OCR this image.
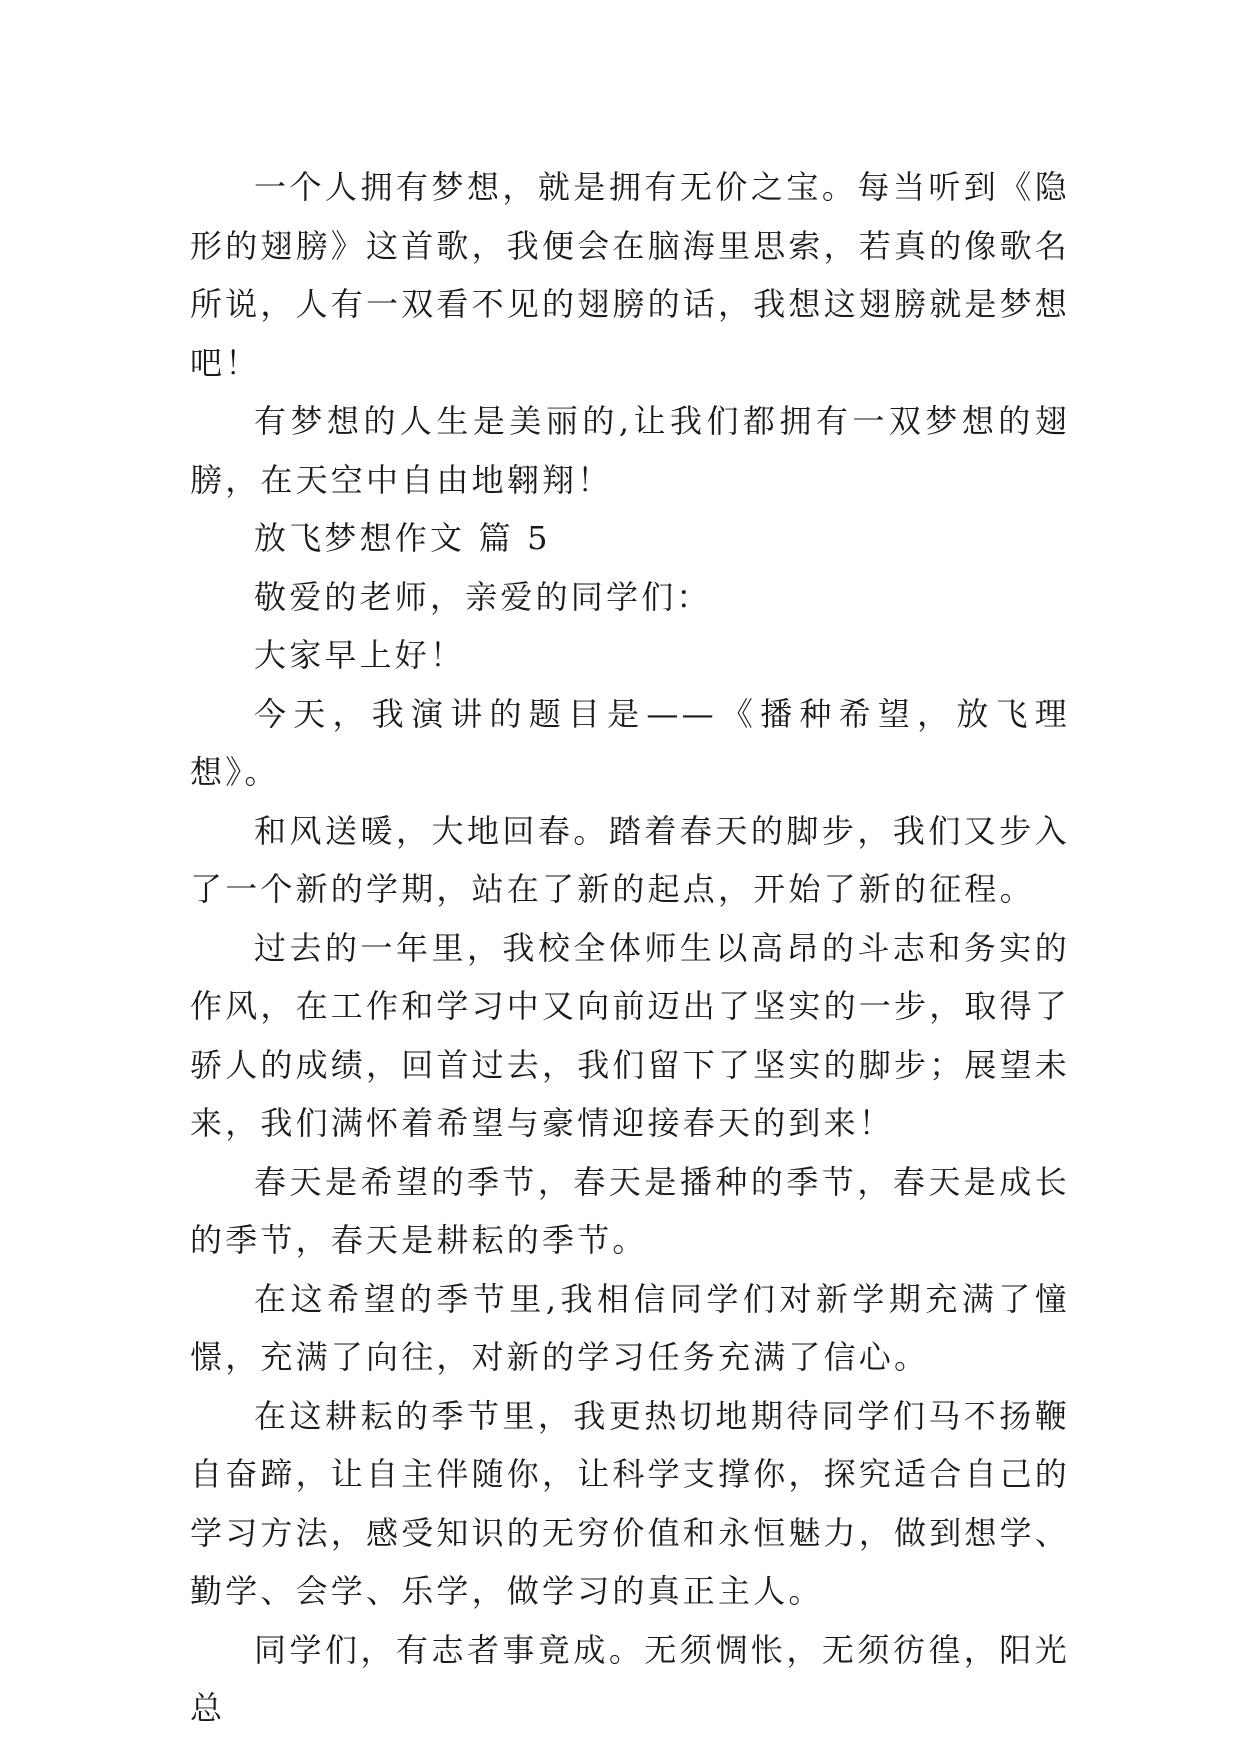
一个人拥有梦想，就是拥有无价之宝。每当听到《隐形的翅膀》这首歌，我便会在脑海里思索，若真的像歌名所说，人有一双看不见的翅膀的话，我想这翅膀就是梦想吧！

有梦想的人生是美丽的,让我们都拥有一双梦想的翅膀，在天空中自由地翱翔！

放飞梦想作文 篇 5

敬爱的老师，亲爱的同学们：

大家早上好！

今天，我演讲的题目是——《播种希望，放飞理想》。

和风送暖，大地回春。踏着春天的脚步，我们又步入了一个新的学期，站在了新的起点，开始了新的征程。

过去的一年里，我校全体师生以高昂的斗志和务实的作风，在工作和学习中又向前迈出了坚实的一步，取得了骄人的成绩，回首过去，我们留下了坚实的脚步；展望未来，我们满怀着希望与豪情迎接春天的到来！

春天是希望的季节，春天是播种的季节，春天是成长的季节，春天是耕耘的季节。

在这希望的季节里,我相信同学们对新学期充满了憧憬，充满了向往，对新的学习任务充满了信心。

在这耕耘的季节里，我更热切地期待同学们马不扬鞭自奋蹄，让自主伴随你，让科学支撑你，探究适合自己的学习方法，感受知识的无穷价值和永恒魅力，做到想学、勤学、会学、乐学，做学习的真正主人。

同学们，有志者事竟成。无须惆怅，无须彷徨，阳光总
